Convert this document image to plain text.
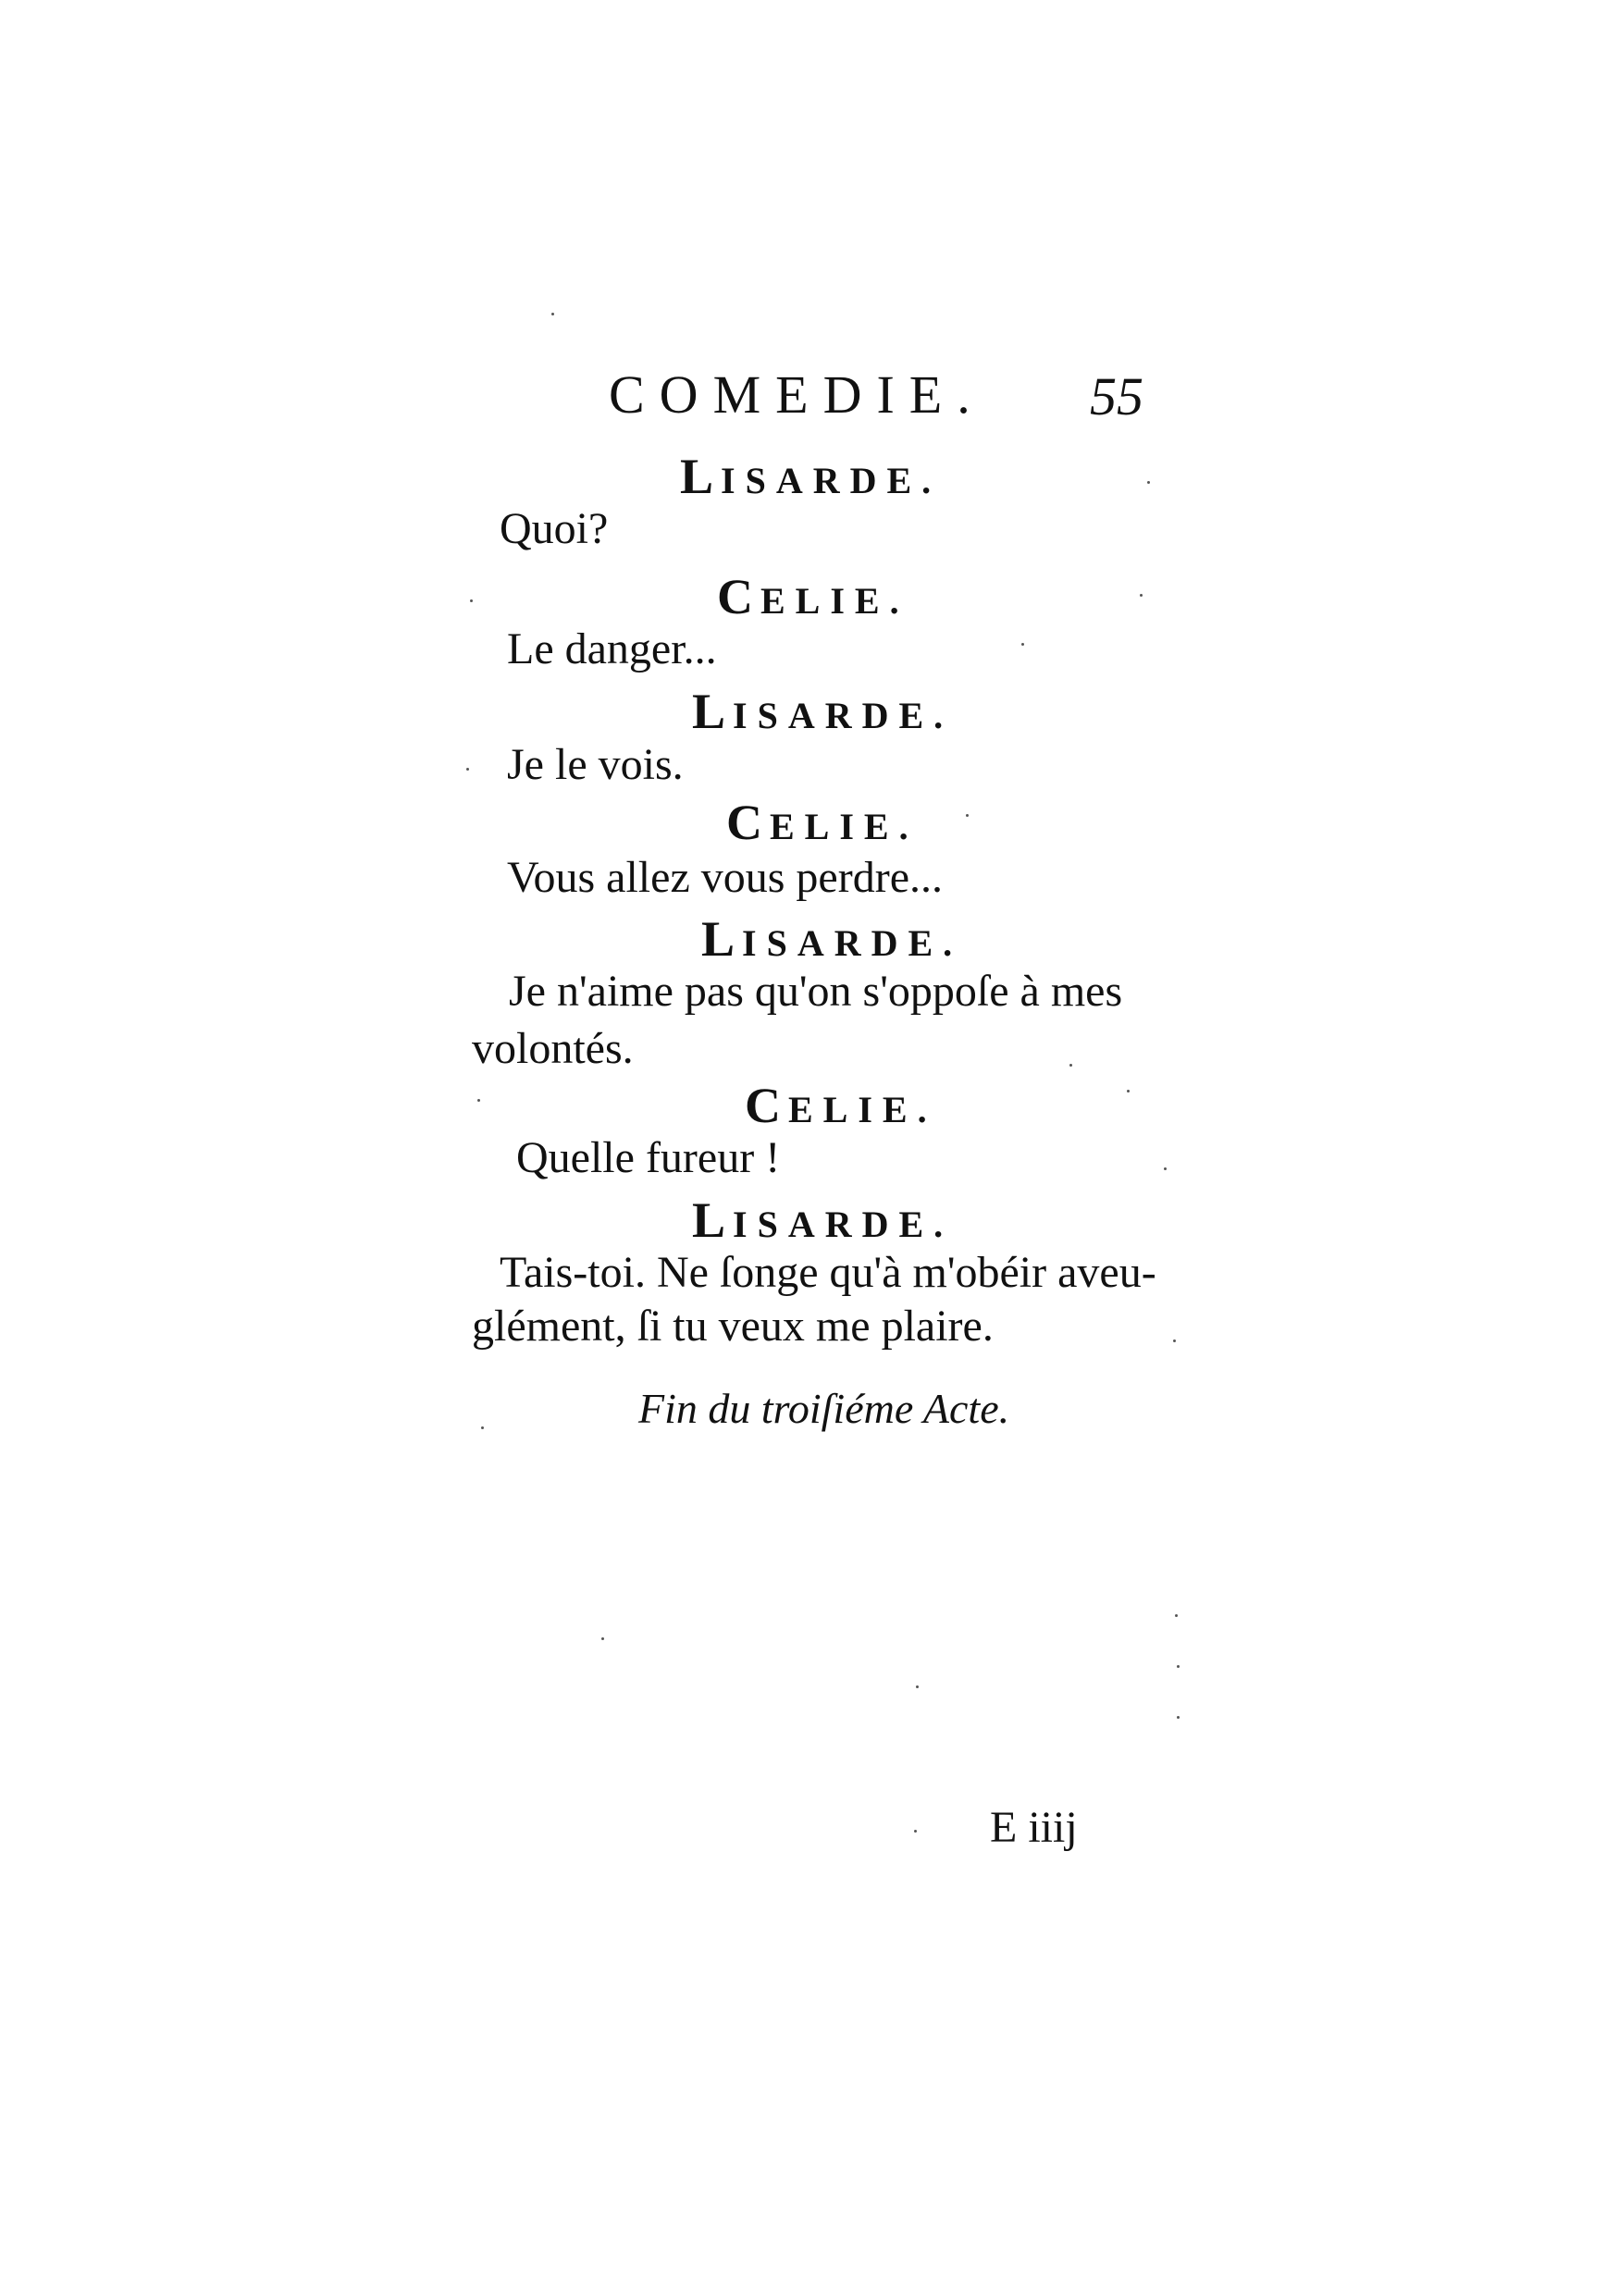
COMEDIE. 55
LISARDE.
Quoi?
CELIE.
Le danger...
LISARDE.
Je le vois.
CELIE.
Vous allez vous perdre...
LISARDE.
Je n'aime pas qu'on s'oppoſe à mes
volontés.
CELIE.
Quelle fureur !
LISARDE.
Tais-toi. Ne ſonge qu'à m'obéir aveu-
glément, ſi tu veux me plaire.
Fin du troiſiéme Acte.
E iiij
